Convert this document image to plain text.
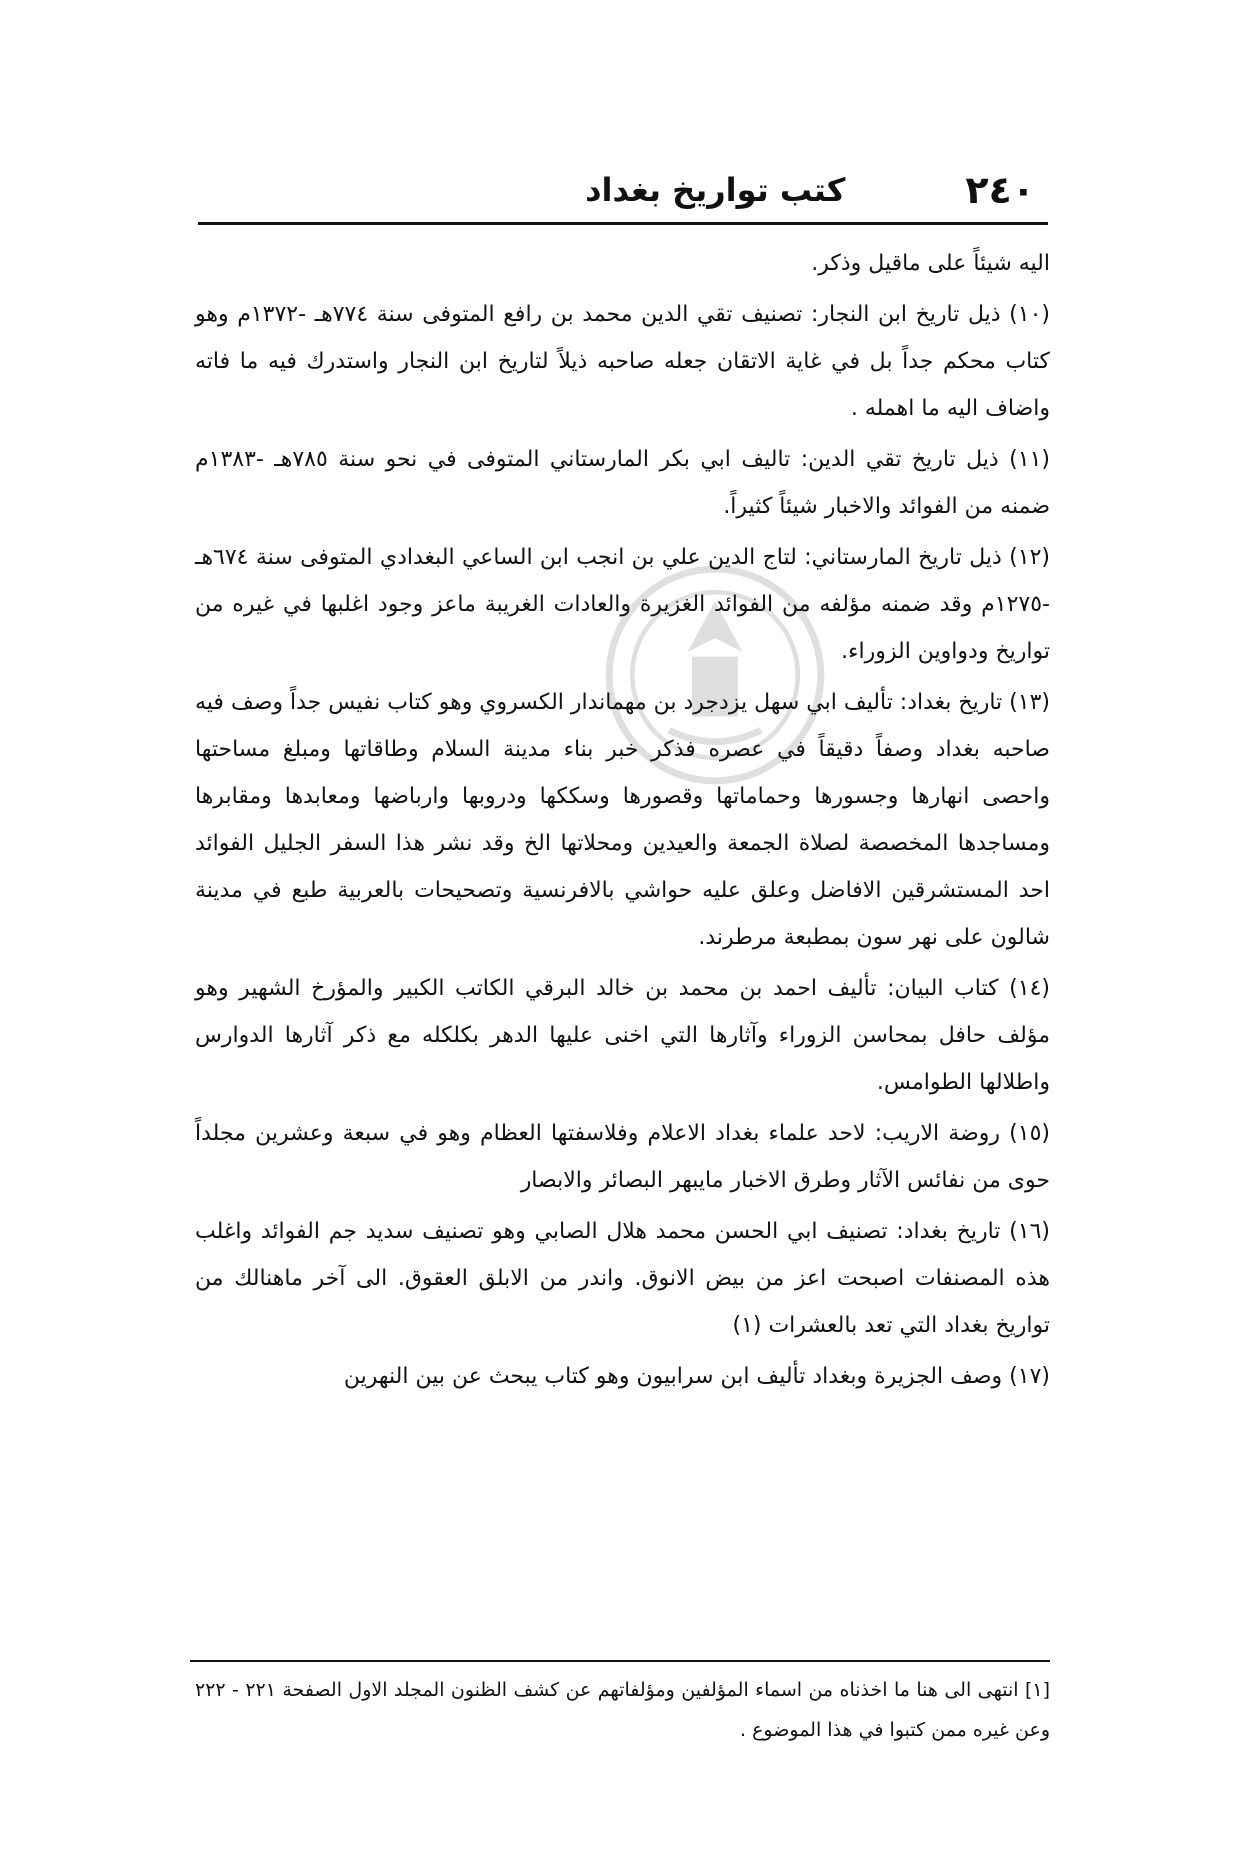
٢٤٠
كتب تواريخ بغداد

اليه شيئاً على ماقيل وذكر.

(١٠) ذيل تاريخ ابن النجار: تصنيف تقي الدين محمد بن رافع المتوفى سنة ٧٧٤هـ -١٣٧٢م وهو كتاب محكم جداً بل في غاية الاتقان جعله صاحبه ذيلاً لتاريخ ابن النجار واستدرك فيه ما فاته واضاف اليه ما اهمله .

(١١) ذيل تاريخ تقي الدين: تاليف ابي بكر المارستاني المتوفى في نحو سنة ٧٨٥هـ -١٣٨٣م ضمنه من الفوائد والاخبار شيئاً كثيراً.

(١٢) ذيل تاريخ المارستاني: لتاج الدين علي بن انجب ابن الساعي البغدادي المتوفى سنة ٦٧٤هـ -١٢٧٥م وقد ضمنه مؤلفه من الفوائد الغزيرة والعادات الغريبة ماعز وجود اغلبها في غيره من تواريخ ودواوين الزوراء.

(١٣) تاريخ بغداد: تأليف ابي سهل يزدجرد بن مهماندار الكسروي وهو كتاب نفيس جداً وصف فيه صاحبه بغداد وصفاً دقيقاً في عصره فذكر خبر بناء مدينة السلام وطاقاتها ومبلغ مساحتها واحصى انهارها وجسورها وحماماتها وقصورها وسككها ودروبها وارباضها ومعابدها ومقابرها ومساجدها المخصصة لصلاة الجمعة والعيدين ومحلاتها الخ وقد نشر هذا السفر الجليل الفوائد احد المستشرقين الافاضل وعلق عليه حواشي بالافرنسية وتصحيحات بالعربية طبع في مدينة شالون على نهر سون بمطبعة مرطرند.

(١٤) كتاب البيان: تأليف احمد بن محمد بن خالد البرقي الكاتب الكبير والمؤرخ الشهير وهو مؤلف حافل بمحاسن الزوراء وآثارها التي اخنى عليها الدهر بكلكله مع ذكر آثارها الدوارس واطلالها الطوامس.

(١٥) روضة الاريب: لاحد علماء بغداد الاعلام وفلاسفتها العظام وهو في سبعة وعشرين مجلداً حوى من نفائس الآثار وطرق الاخبار مايبهر البصائر والابصار

(١٦) تاريخ بغداد: تصنيف ابي الحسن محمد هلال الصابي وهو تصنيف سديد جم الفوائد واغلب هذه المصنفات اصبحت اعز من بيض الانوق. واندر من الابلق العقوق. الى آخر ماهنالك من تواريخ بغداد التي تعد بالعشرات (١)

(١٧) وصف الجزيرة وبغداد تأليف ابن سرابيون وهو كتاب يبحث عن بين النهرين

[١] انتهى الى هنا ما اخذناه من اسماء المؤلفين ومؤلفاتهم عن كشف الظنون المجلد الاول الصفحة ٢٢١ - ٢٢٢ وعن غيره ممن كتبوا في هذا الموضوع .
